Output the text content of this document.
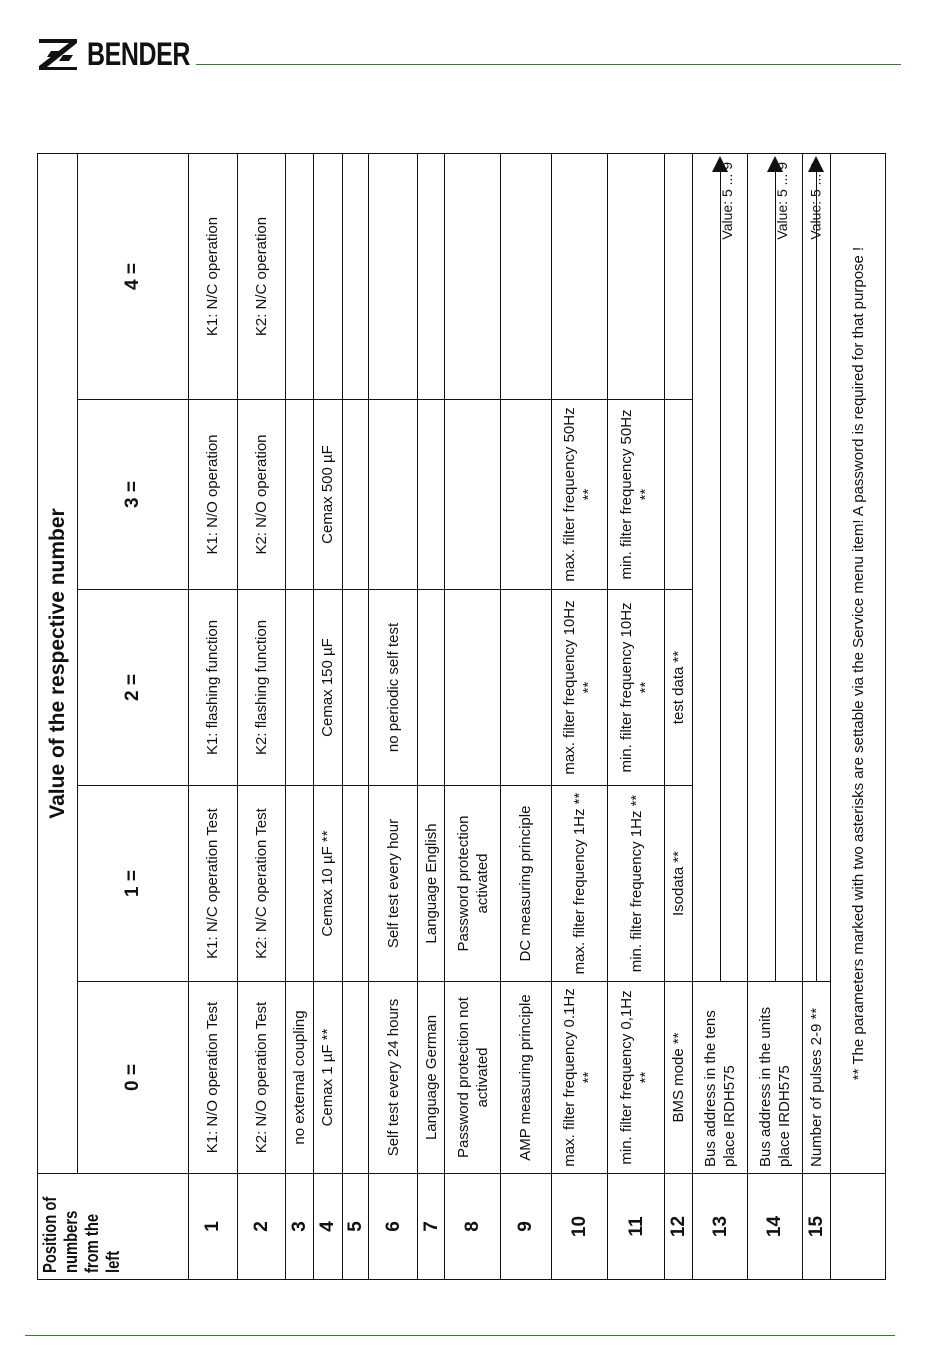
BENDER
Position of numbers from the left	Value of the respective number				
	0 =	1 =	2 =	3 =	4 =
1	K1: N/O operation Test	K1: N/C operation Test	K1: flashing function	K1: N/O operation	K1: N/C operation
2	K2: N/O operation Test	K2: N/C operation Test	K2: flashing function	K2: N/O operation	K2: N/C operation
3	no external coupling				
4	Cemax 1 µF **	Cemax 10 µF **	Cemax 150 µF	Cemax 500 µF	
5					
6	Self test every 24 hours	Self test every hour	no periodic self test		
7	Language German	Language English			
8	Password protection not activated	Password protection activated			
9	AMP measuring principle	DC measuring principle			
10	max. filter frequency 0.1Hz **	max. filter frequency 1Hz **	max. filter frequency 10Hz **	max. filter frequency 50Hz **	
11	min. filter frequency 0,1Hz **	min. filter frequency 1Hz **	min. filter frequency 10Hz **	min. filter frequency 50Hz **	
12	BMS mode **	Isodata **	test data **		
13	Bus address in the tens place IRDH575	Value: 5 ... 9			

14	Bus address in the units place IRDH575	Value: 5 ... 9			

15	Number of pulses 2-9 **	Value: 5 ... 9			

	** The parameters marked with two asterisks are settable via the Service menu item! A password is required for that purpose !				
